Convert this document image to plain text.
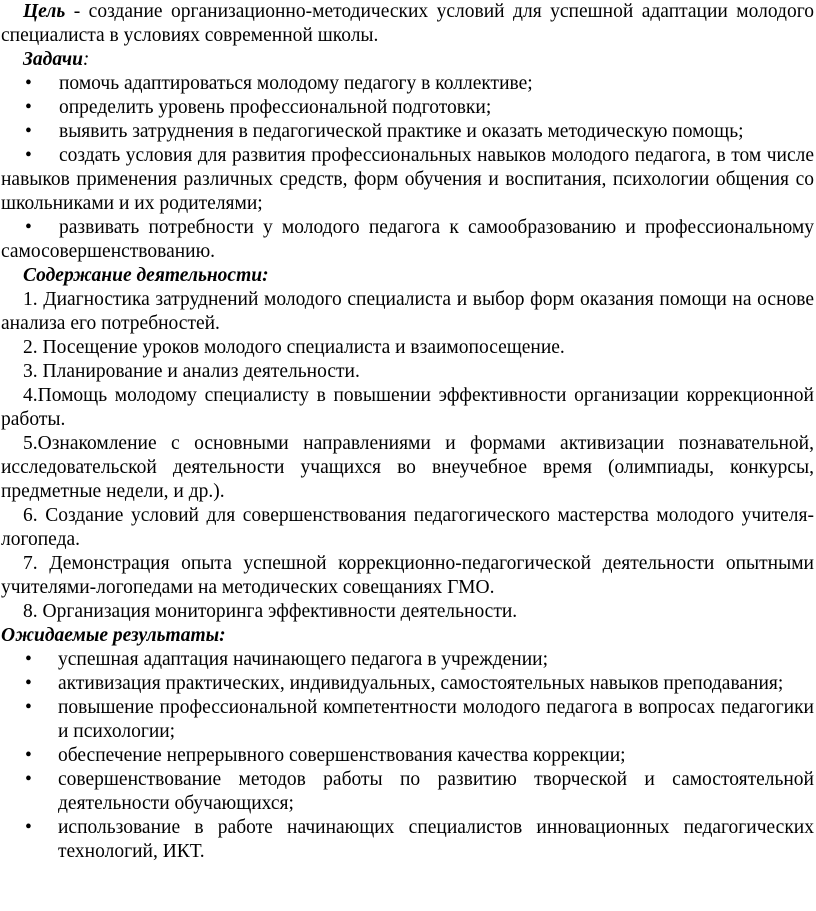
Цель - создание организационно-методических условий для успешной адаптации молодого специалиста в условиях современной школы.

Задачи:

• помочь адаптироваться молодому педагогу в коллективе;

• определить уровень профессиональной подготовки;

• выявить затруднения в педагогической практике и оказать методическую помощь;

• создать условия для развития профессиональных навыков молодого педагога, в том числе навыков применения различных средств, форм обучения и воспитания, психологии общения со школьниками и их родителями;

• развивать потребности у молодого педагога к самообразованию и профессиональному самосовершенствованию.

Содержание деятельности:

1. Диагностика затруднений молодого специалиста и выбор форм оказания помощи на основе анализа его потребностей.

2. Посещение уроков молодого специалиста и взаимопосещение.

3. Планирование и анализ деятельности.

4.Помощь молодому специалисту в повышении эффективности организации коррекционной работы.

5.Ознакомление с основными направлениями и формами активизации познавательной, исследовательской деятельности учащихся во внеучебное время (олимпиады, конкурсы, предметные недели, и др.).

6. Создание условий для совершенствования педагогического мастерства молодого учителя-логопеда.

7. Демонстрация опыта успешной коррекционно-педагогической деятельности опытными учителями-логопедами на методических совещаниях ГМО.

8. Организация мониторинга эффективности деятельности.

Ожидаемые результаты:

• успешная адаптация начинающего педагога в учреждении;
• активизация практических, индивидуальных, самостоятельных навыков преподавания;
• повышение профессиональной компетентности молодого педагога в вопросах педагогики и психологии;
• обеспечение непрерывного совершенствования качества коррекции;
• совершенствование методов работы по развитию творческой и самостоятельной деятельности обучающихся;
• использование в работе начинающих специалистов инновационных педагогических технологий, ИКТ.
